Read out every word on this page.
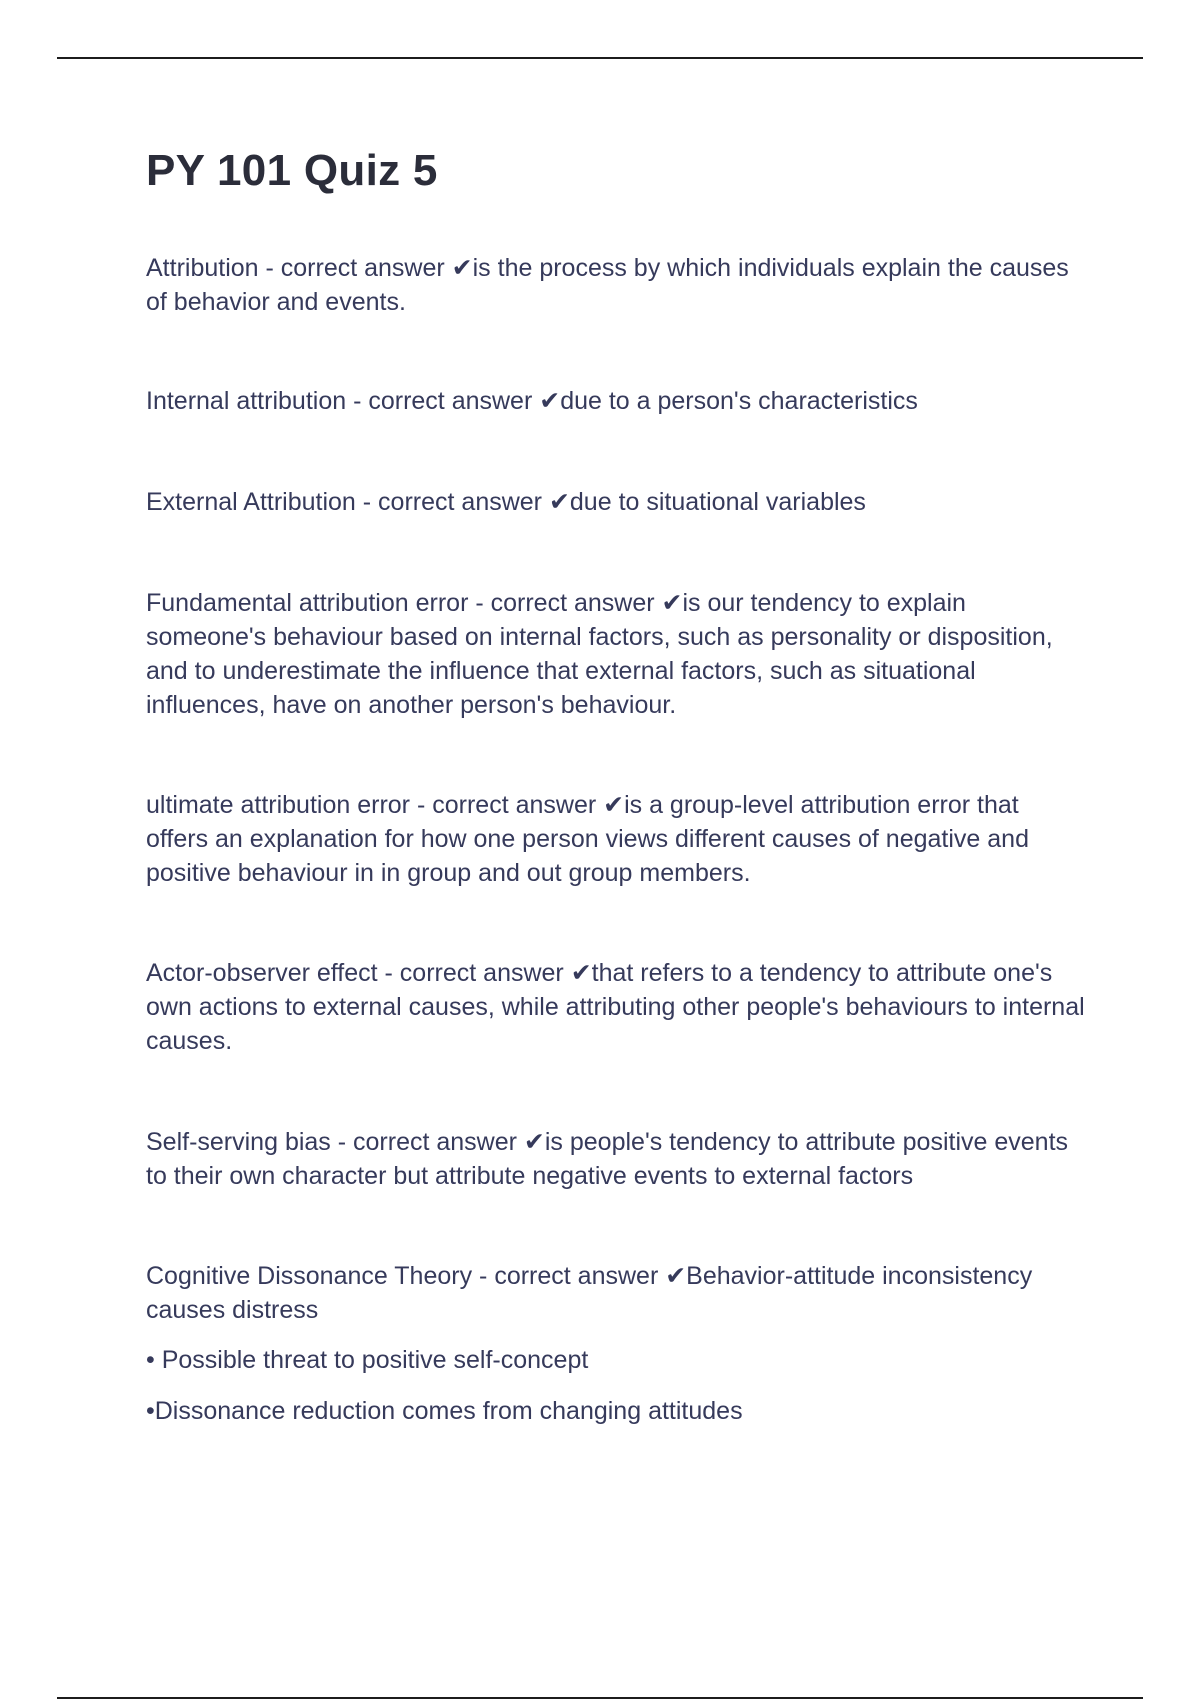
PY 101 Quiz 5

Attribution - correct answer ✔is the process by which individuals explain the causes of behavior and events.

Internal attribution - correct answer ✔due to a person's characteristics

External Attribution - correct answer ✔due to situational variables

Fundamental attribution error - correct answer ✔is our tendency to explain someone's behaviour based on internal factors, such as personality or disposition, and to underestimate the influence that external factors, such as situational influences, have on another person's behaviour.

ultimate attribution error - correct answer ✔is a group-level attribution error that offers an explanation for how one person views different causes of negative and positive behaviour in in group and out group members.

Actor-observer effect - correct answer ✔that refers to a tendency to attribute one's own actions to external causes, while attributing other people's behaviours to internal causes.

Self-serving bias - correct answer ✔is people's tendency to attribute positive events to their own character but attribute negative events to external factors

Cognitive Dissonance Theory - correct answer ✔Behavior-attitude inconsistency causes distress

• Possible threat to positive self-concept

•Dissonance reduction comes from changing attitudes
